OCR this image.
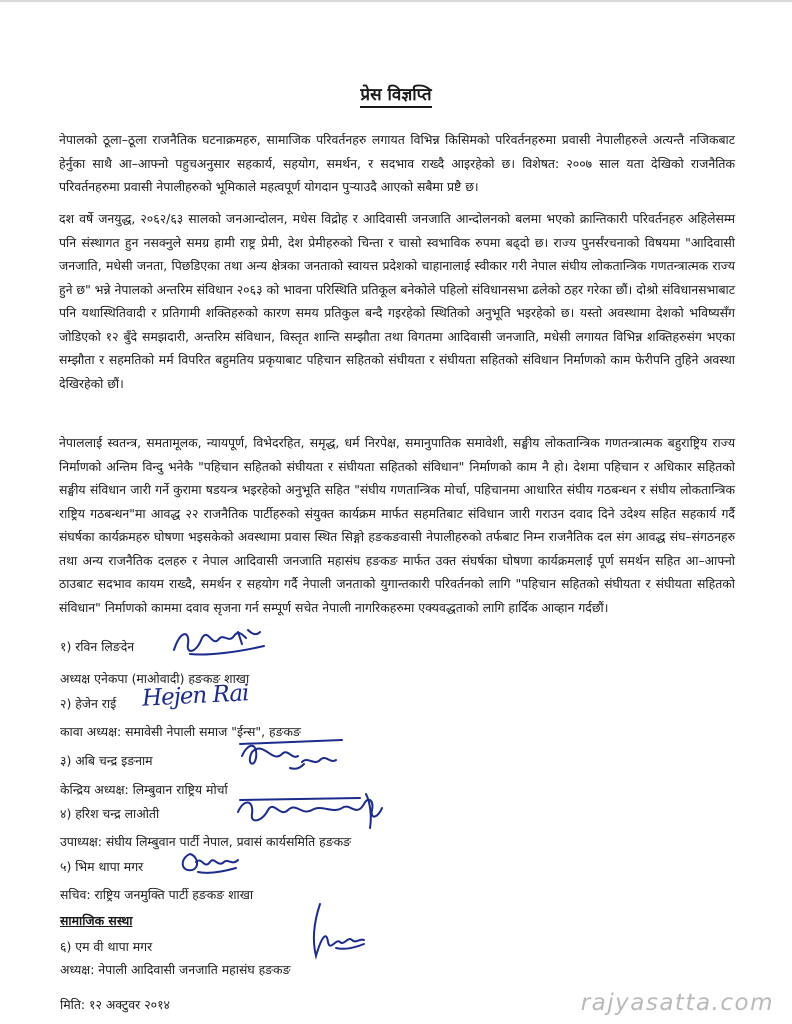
प्रेस विज्ञप्ति

नेपालको ठूला–ठूला राजनैतिक घटनाक्रमहरु, सामाजिक परिवर्तनहरु लगायत विभिन्न किसिमको परिवर्तनहरुमा प्रवासी नेपालीहरुले अत्यन्तै नजिकबाट हेर्नुका साथै आ–आफ्नो पहुचअनुसार सहकार्य, सहयोग, समर्थन, र सदभाव राख्दै आइरहेको छ। विशेषत: २००७ साल यता देखिको राजनैतिक परिवर्तनहरुमा प्रवासी नेपालीहरुको भूमिकाले महत्वपूर्ण योगदान पुऱ्याउदै आएको सबैमा प्रष्टै छ।

दश वर्षे जनयुद्ध, २०६२/६३ सालको जनआन्दोलन, मधेस विद्रोह र आदिवासी जनजाति आन्दोलनको बलमा भएको क्रान्तिकारी परिवर्तनहरु अहिलेसम्म पनि संस्थागत हुन नसक्नुले समग्र हामी राष्ट्र प्रेमी, देश प्रेमीहरुको चिन्ता र चासो स्वभाविक रुपमा बढ्दो छ। राज्य पुनर्संरचनाको विषयमा "आदिवासी जनजाति, मधेसी जनता, पिछडिएका तथा अन्य क्षेत्रका जनताको स्वायत्त प्रदेशको चाहानालाई स्वीकार गरी नेपाल संघीय लोकतान्त्रिक गणतन्त्रात्मक राज्य हुने छ" भन्ने नेपालको अन्तरिम संविधान २०६३ को भावना परिस्थिति प्रतिकूल बनेकोले पहिलो संविधानसभा ढलेको ठहर गरेका छौं। दोश्रो संविधानसभाबाट पनि यथास्थितिवादी र प्रतिगामी शक्तिहरुको कारण समय प्रतिकुल बन्दै गइरहेको स्थितिको अनुभूति भइरहेको छ। यस्तो अवस्थामा देशको भविष्यसँग जोडिएको १२ बुँदे समझदारी, अन्तरिम संविधान, विस्तृत शान्ति सम्झौता तथा विगतमा आदिवासी जनजाति, मधेसी लगायत विभिन्न शक्तिहरुसंग भएका सम्झौता र सहमतिको मर्म विपरित बहुमतिय प्रकृयाबाट पहिचान सहितको संघीयता र संघीयता सहितको संविधान निर्माणको काम फेरीपनि तुहिने अवस्था देखिरहेको छौं।

नेपाललाई स्वतन्त्र, समतामूलक, न्यायपूर्ण, विभेदरहित, समृद्ध, धर्म निरपेक्ष, समानुपातिक समावेशी, सङ्घीय लोकतान्त्रिक गणतन्त्रात्मक बहुराष्ट्रिय राज्य निर्माणको अन्तिम विन्दु भनेकै "पहिचान सहितको संघीयता र संघीयता सहितको संविधान" निर्माणको काम नै हो। देशमा पहिचान र अधिकार सहितको सङ्घीय संविधान जारी गर्ने कुरामा षडयन्त्र भइरहेको अनुभूति सहित "संघीय गणतान्त्रिक मोर्चा, पहिचानमा आधारित संघीय गठबन्धन र संघीय लोकतान्त्रिक राष्ट्रिय गठबन्धन"मा आवद्ध २२ राजनैतिक पार्टीहरुको संयुक्त कार्यक्रम मार्फत सहमतिबाट संविधान जारी गराउन दवाद दिने उदेश्य सहित सहकार्य गर्दै संघर्षका कार्यक्रमहरु घोषणा भइसकेको अवस्थामा प्रवास स्थित सिङ्गो हङकङवासी नेपालीहरुको तर्फबाट निम्न राजनैतिक दल संग आवद्ध संघ–संगठनहरु तथा अन्य राजनैतिक दलहरु र नेपाल आदिवासी जनजाति महासंघ हङकङ मार्फत उक्त संघर्षका घोषणा कार्यक्रमलाई पूर्ण समर्थन सहित आ–आफ्नो ठाउबाट सदभाव कायम राख्दै, समर्थन र सहयोग गर्दै नेपाली जनताको युगान्तकारी परिवर्तनको लागि "पहिचान सहितको संघीयता र संघीयता सहितको संविधान" निर्माणको काममा दवाव सृजना गर्न सम्पूर्ण सचेत नेपाली नागरिकहरुमा एक्यवद्धताको लागि हार्दिक आव्हान गर्दछौं।

१) रविन लिङदेन
अध्यक्ष एनेकपा (माओवादी) हङकङ शाखा
२) हेजेन राई Hejen Rai
कावा अध्यक्ष: समावेसी नेपाली समाज "ईन्स", हङकङ
३) अबि चन्द्र इङनाम
केन्द्रिय अध्यक्ष: लिम्बुवान राष्ट्रिय मोर्चा
४) हरिश चन्द्र लाओती
उपाध्यक्ष: संघीय लिम्बुवान पार्टी नेपाल, प्रवासं कार्यसमिति हङकङ
५) भिम थापा मगर
सचिव: राष्ट्रिय जनमुक्ति पार्टी हङकङ शाखा
सामाजिक सस्था
६) एम वी थापा मगर
अध्यक्ष: नेपाली आदिवासी जनजाति महासंघ हङकङ
मिति: १२ अक्टुवर २०१४	rajyasatta.com
